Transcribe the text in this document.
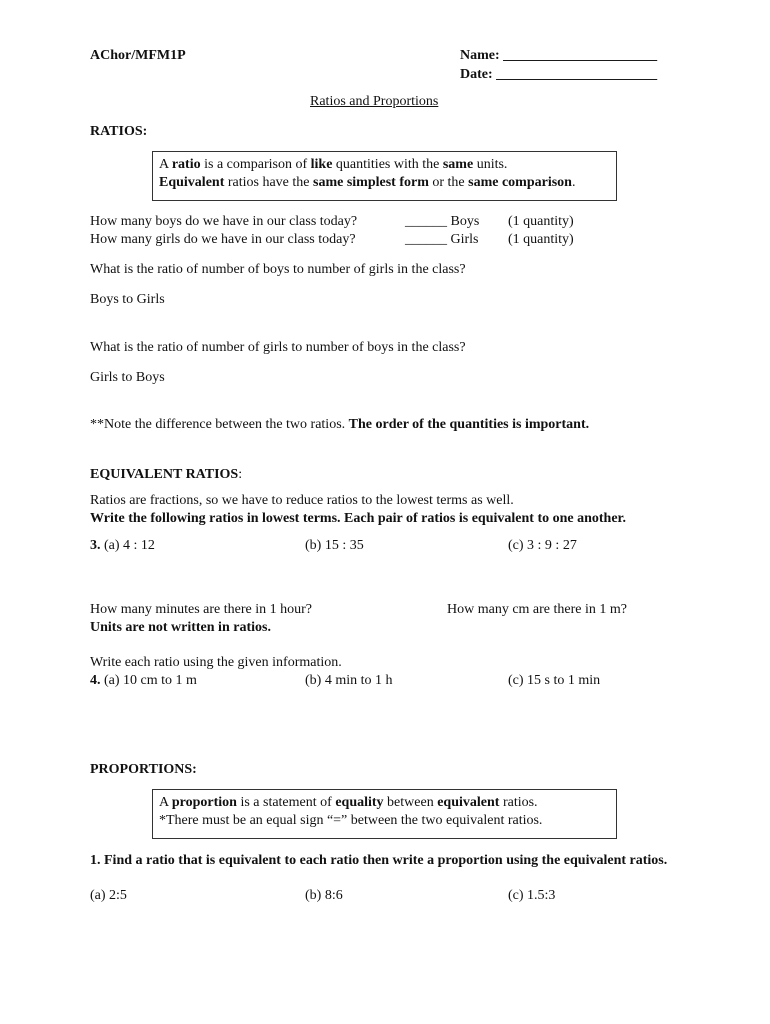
AChor/MFM1P	Name: ______________________
Date: _______________________
Ratios and Proportions
RATIOS:
A ratio is a comparison of like quantities with the same units.
Equivalent ratios have the same simplest form or the same comparison.
How many boys do we have in our class today?	______ Boys (1 quantity)
How many girls do we have in our class today?	______ Girls (1 quantity)
What is the ratio of number of boys to number of girls in the class?
Boys to Girls
What is the ratio of number of girls to number of boys in the class?
Girls to Boys
**Note the difference between the two ratios. The order of the quantities is important.
EQUIVALENT RATIOS:
Ratios are fractions, so we have to reduce ratios to the lowest terms as well.
Write the following ratios in lowest terms. Each pair of ratios is equivalent to one another.
3. (a) 4 : 12	(b) 15 : 35	(c) 3 : 9 : 27
How many minutes are there in 1 hour?	How many cm are there in 1 m?
Units are not written in ratios.
Write each ratio using the given information.
4. (a) 10 cm to 1 m	(b) 4 min to 1 h	(c) 15 s to 1 min
PROPORTIONS:
A proportion is a statement of equality between equivalent ratios.
*There must be an equal sign “=” between the two equivalent ratios.
1. Find a ratio that is equivalent to each ratio then write a proportion using the equivalent ratios.
(a) 2:5	(b) 8:6	(c) 1.5:3
